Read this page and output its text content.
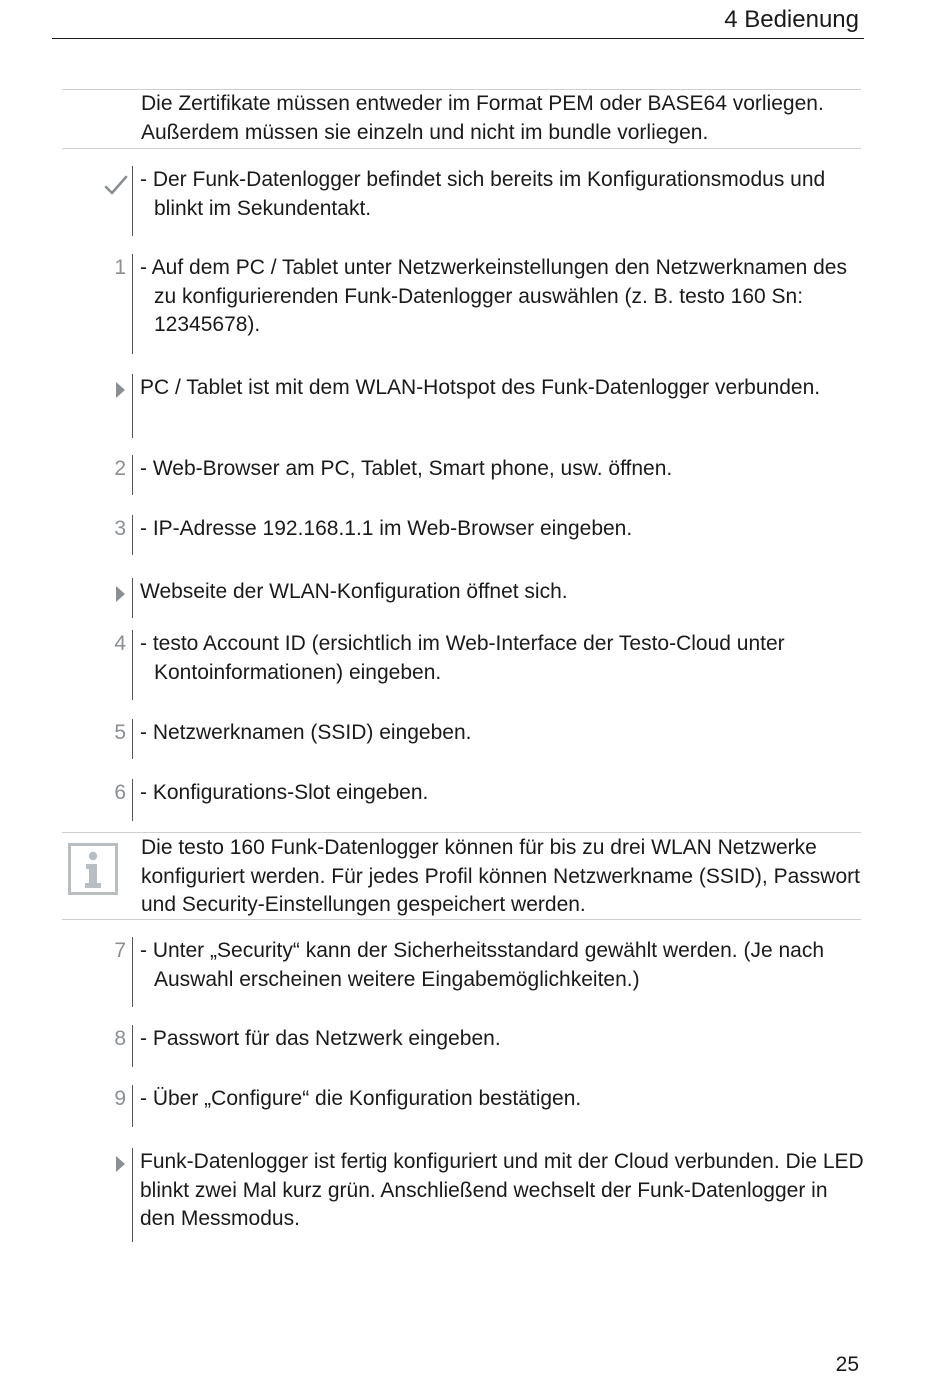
4 Bedienung
Die Zertifikate müssen entweder im Format PEM oder BASE64 vorliegen. Außerdem müssen sie einzeln und nicht im bundle vorliegen.
- Der Funk-Datenlogger befindet sich bereits im Konfigurationsmodus und blinkt im Sekundentakt.
1 - Auf dem PC / Tablet unter Netzwerkeinstellungen den Netzwerknamen des zu konfigurierenden Funk-Datenlogger auswählen (z. B. testo 160 Sn: 12345678).
PC / Tablet ist mit dem WLAN-Hotspot des Funk-Datenlogger verbunden.
2 - Web-Browser am PC, Tablet, Smart phone, usw. öffnen.
3 - IP-Adresse 192.168.1.1 im Web-Browser eingeben.
Webseite der WLAN-Konfiguration öffnet sich.
4 - testo Account ID (ersichtlich im Web-Interface der Testo-Cloud unter Kontoinformationen) eingeben.
5 - Netzwerknamen (SSID) eingeben.
6 - Konfigurations-Slot eingeben.
Die testo 160 Funk-Datenlogger können für bis zu drei WLAN Netzwerke konfiguriert werden. Für jedes Profil können Netzwerkname (SSID), Passwort und Security-Einstellungen gespeichert werden.
7 - Unter „Security“ kann der Sicherheitsstandard gewählt werden. (Je nach Auswahl erscheinen weitere Eingabemöglichkeiten.)
8 - Passwort für das Netzwerk eingeben.
9 - Über „Configure“ die Konfiguration bestätigen.
Funk-Datenlogger ist fertig konfiguriert und mit der Cloud verbunden. Die LED blinkt zwei Mal kurz grün. Anschließend wechselt der Funk-Datenlogger in den Messmodus.
25
